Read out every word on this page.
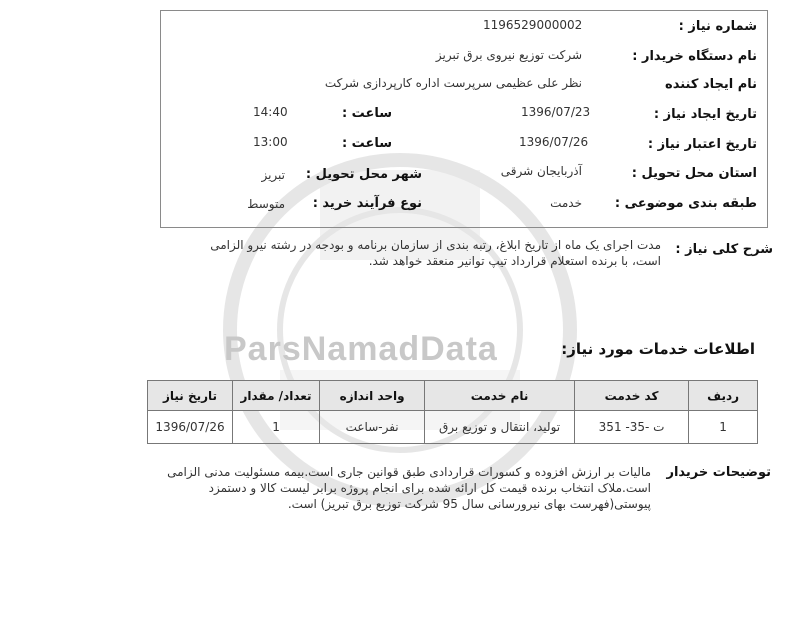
ParsNamadData
شماره نیاز :
1196529000002
نام دستگاه خریدار :
شرکت توزیع نیروی برق تبریز
نام ایجاد کننده
نظر علی عظیمی سرپرست اداره کارپردازی شرکت
تاریخ ایجاد نیاز :
1396/07/23
ساعت :
14:40
تاریخ اعتبار نیاز :
1396/07/26
ساعت :
13:00
استان محل تحویل :
آذربایجان شرقی
شهر محل تحویل :
تبریز
طبقه بندی موضوعی :
خدمت
نوع فرآیند خرید :
متوسط
شرح کلی نیاز :
مدت اجرای یک ماه از تاریخ ابلاغ، رتبه بندی از سازمان برنامه و بودجه در رشته نیرو الزامی
است، با برنده استعلام قرارداد تیپ توانیر منعقد خواهد شد.
اطلاعات خدمات مورد نیاز:
ردیف	کد خدمت	نام خدمت	واحد اندازه	تعداد/ مقدار	تاریخ نیاز
1	ت -35- 351	تولید، انتقال و توزیع برق	نفر-ساعت	1	1396/07/26
توضیحات خریدار
مالیات بر ارزش افزوده و کسورات قراردادی طبق قوانین جاری است.بیمه مسئولیت مدنی الزامی
است.ملاک انتخاب برنده قیمت کل ارائه شده برای انجام پروژه برابر لیست کالا و دستمزد
پیوستی(فهرست بهای نیرورسانی سال 95 شرکت توزیع برق تبریز) است.
